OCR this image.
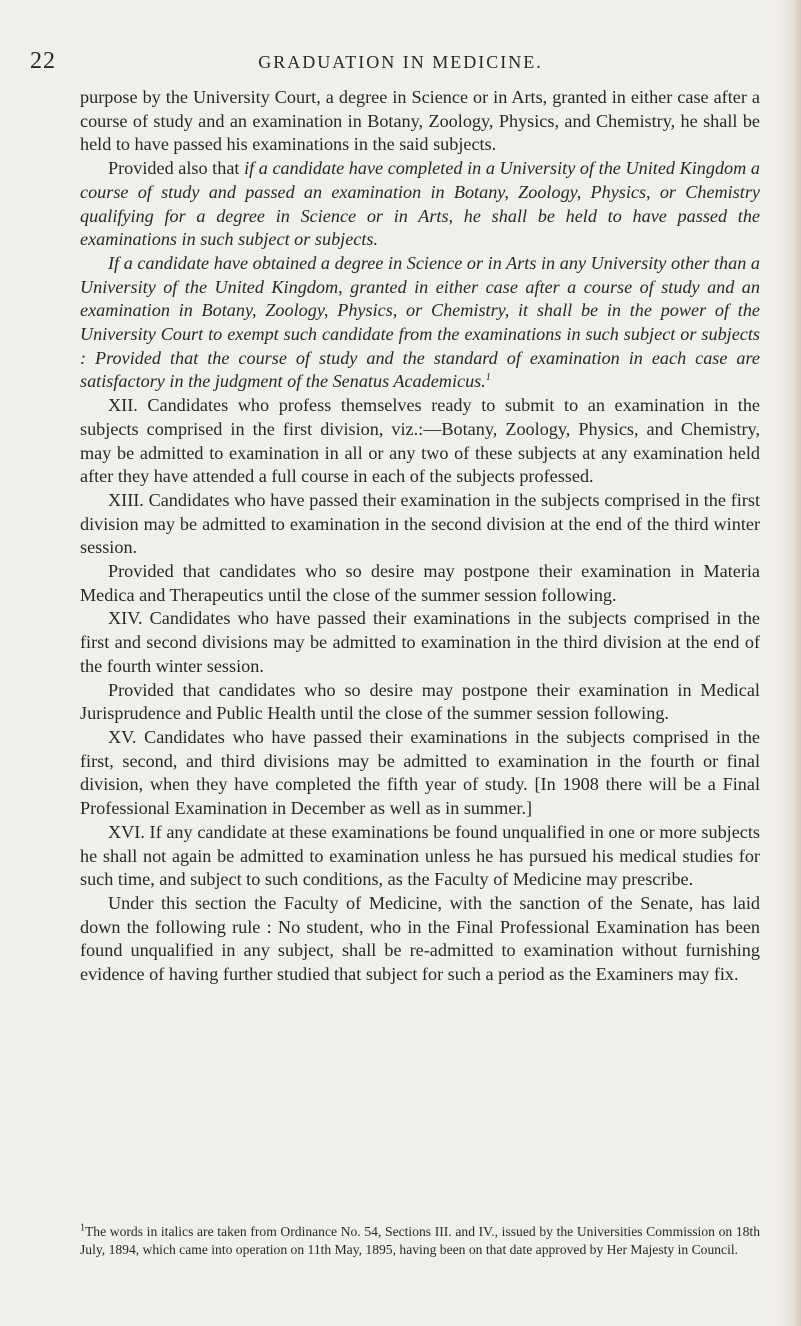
22	GRADUATION IN MEDICINE.

purpose by the University Court, a degree in Science or in Arts, granted in either case after a course of study and an examination in Botany, Zoology, Physics, and Chemistry, he shall be held to have passed his examinations in the said subjects.

Provided also that if a candidate have completed in a University of the United Kingdom a course of study and passed an examination in Botany, Zoology, Physics, or Chemistry qualifying for a degree in Science or in Arts, he shall be held to have passed the examinations in such subject or subjects.

If a candidate have obtained a degree in Science or in Arts in any University other than a University of the United Kingdom, granted in either case after a course of study and an examination in Botany, Zoology, Physics, or Chemistry, it shall be in the power of the University Court to exempt such candidate from the examinations in such subject or subjects : Provided that the course of study and the standard of examination in each case are satisfactory in the judgment of the Senatus Academicus.$^1$

XII. Candidates who profess themselves ready to submit to an examination in the subjects comprised in the first division, viz.:—Botany, Zoology, Physics, and Chemistry, may be admitted to examination in all or any two of these subjects at any examination held after they have attended a full course in each of the subjects professed.

XIII. Candidates who have passed their examination in the subjects comprised in the first division may be admitted to examination in the second division at the end of the third winter session.

Provided that candidates who so desire may postpone their examination in Materia Medica and Therapeutics until the close of the summer session following.

XIV. Candidates who have passed their examinations in the subjects comprised in the first and second divisions may be admitted to examination in the third division at the end of the fourth winter session.

Provided that candidates who so desire may postpone their examination in Medical Jurisprudence and Public Health until the close of the summer session following.

XV. Candidates who have passed their examinations in the subjects comprised in the first, second, and third divisions may be admitted to examination in the fourth or final division, when they have completed the fifth year of study. [In 1908 there will be a Final Professional Examination in December as well as in summer.]

XVI. If any candidate at these examinations be found unqualified in one or more subjects he shall not again be admitted to examination unless he has pursued his medical studies for such time, and subject to such conditions, as the Faculty of Medicine may prescribe.

Under this section the Faculty of Medicine, with the sanction of the Senate, has laid down the following rule : No student, who in the Final Professional Examination has been found unqualified in any subject, shall be re-admitted to examination without furnishing evidence of having further studied that subject for such a period as the Examiners may fix.

$^1$The words in italics are taken from Ordinance No. 54, Sections III. and IV., issued by the Universities Commission on 18th July, 1894, which came into operation on 11th May, 1895, having been on that date approved by Her Majesty in Council.
